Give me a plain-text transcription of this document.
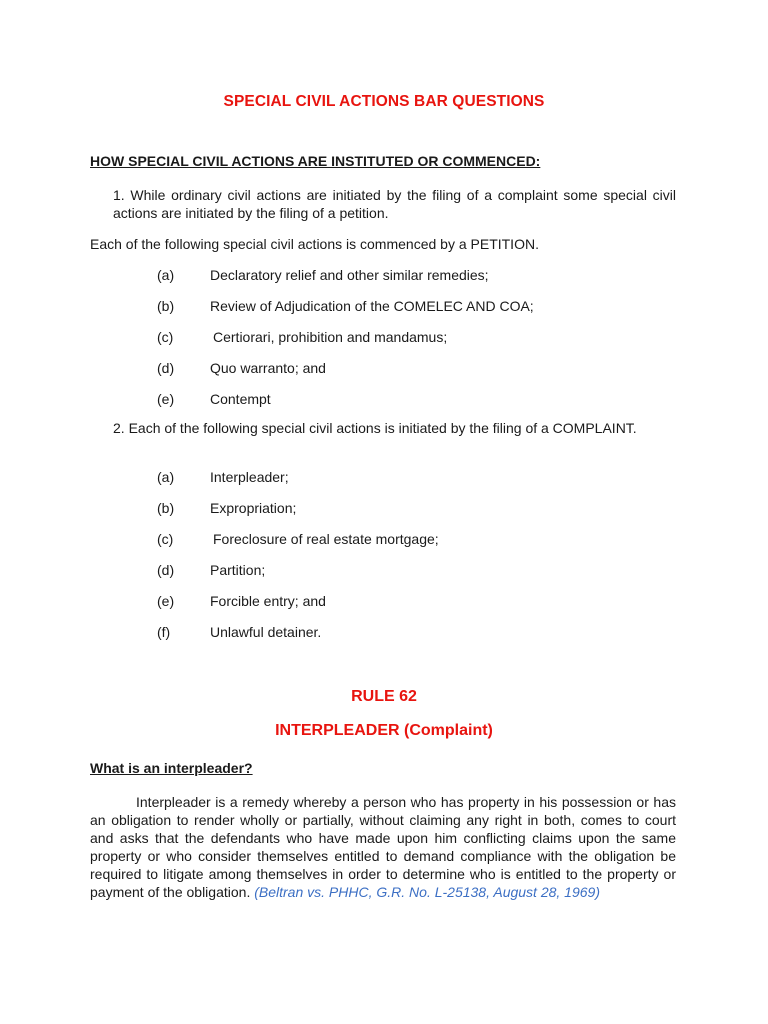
SPECIAL CIVIL ACTIONS BAR QUESTIONS
HOW SPECIAL CIVIL ACTIONS ARE INSTITUTED OR COMMENCED:
1. While ordinary civil actions are initiated by the filing of a complaint some special civil actions are initiated by the filing of a petition.
Each of the following special civil actions is commenced by a PETITION.
(a)	Declaratory relief and other similar remedies;
(b)	Review of Adjudication of the COMELEC AND COA;
(c)	Certiorari, prohibition and mandamus;
(d)	Quo warranto; and
(e)	Contempt
2. Each of the following special civil actions is initiated by the filing of a COMPLAINT.
(a)	Interpleader;
(b)	Expropriation;
(c)	Foreclosure of real estate mortgage;
(d)	Partition;
(e)	Forcible entry; and
(f)	Unlawful detainer.
RULE 62
INTERPLEADER (Complaint)
What is an interpleader?
Interpleader is a remedy whereby a person who has property in his possession or has an obligation to render wholly or partially, without claiming any right in both, comes to court and asks that the defendants who have made upon him conflicting claims upon the same property or who consider themselves entitled to demand compliance with the obligation be required to litigate among themselves in order to determine who is entitled to the property or payment of the obligation. (Beltran vs. PHHC, G.R. No. L-25138, August 28, 1969)
